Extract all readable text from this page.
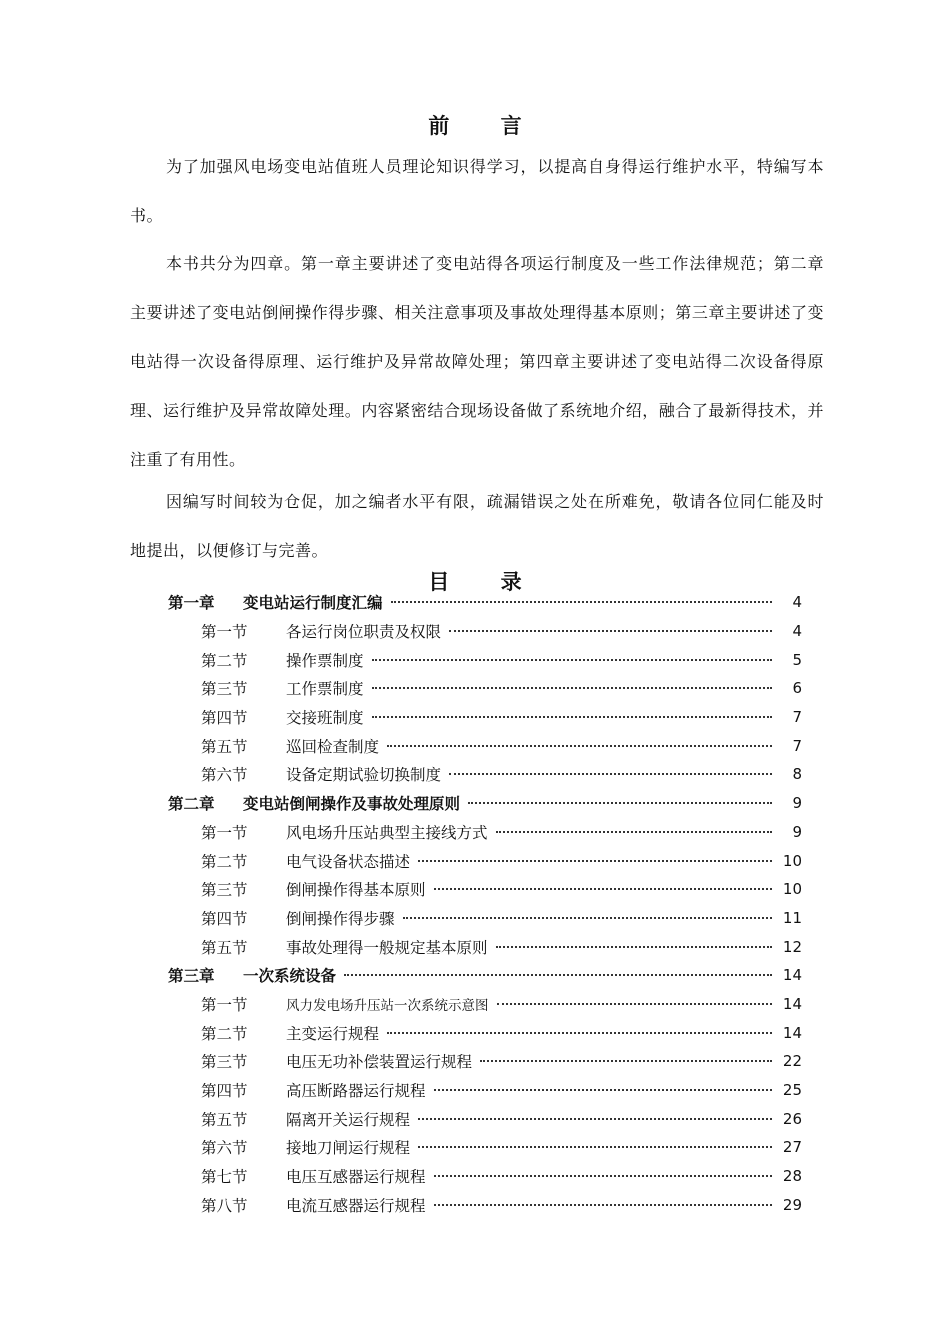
前 言

为了加强风电场变电站值班人员理论知识得学习，以提高自身得运行维护水平，特编写本书。

本书共分为四章。第一章主要讲述了变电站得各项运行制度及一些工作法律规范；第二章主要讲述了变电站倒闸操作得步骤、相关注意事项及事故处理得基本原则；第三章主要讲述了变电站得一次设备得原理、运行维护及异常故障处理；第四章主要讲述了变电站得二次设备得原理、运行维护及异常故障处理。内容紧密结合现场设备做了系统地介绍，融合了最新得技术，并注重了有用性。

因编写时间较为仓促，加之编者水平有限，疏漏错误之处在所难免，敬请各位同仁能及时地提出，以便修订与完善。

目 录
第一章	变电站运行制度汇编	4
第一节	各运行岗位职责及权限	4
第二节	操作票制度	5
第三节	工作票制度	6
第四节	交接班制度	7
第五节	巡回检查制度	7
第六节	设备定期试验切换制度	8
第二章	变电站倒闸操作及事故处理原则	9
第一节	风电场升压站典型主接线方式	9
第二节	电气设备状态描述	10
第三节	倒闸操作得基本原则	10
第四节	倒闸操作得步骤	11
第五节	事故处理得一般规定基本原则	12
第三章	一次系统设备	14
第一节	风力发电场升压站一次系统示意图	14
第二节	主变运行规程	14
第三节	电压无功补偿装置运行规程	22
第四节	高压断路器运行规程	25
第五节	隔离开关运行规程	26
第六节	接地刀闸运行规程	27
第七节	电压互感器运行规程	28
第八节	电流互感器运行规程	29
